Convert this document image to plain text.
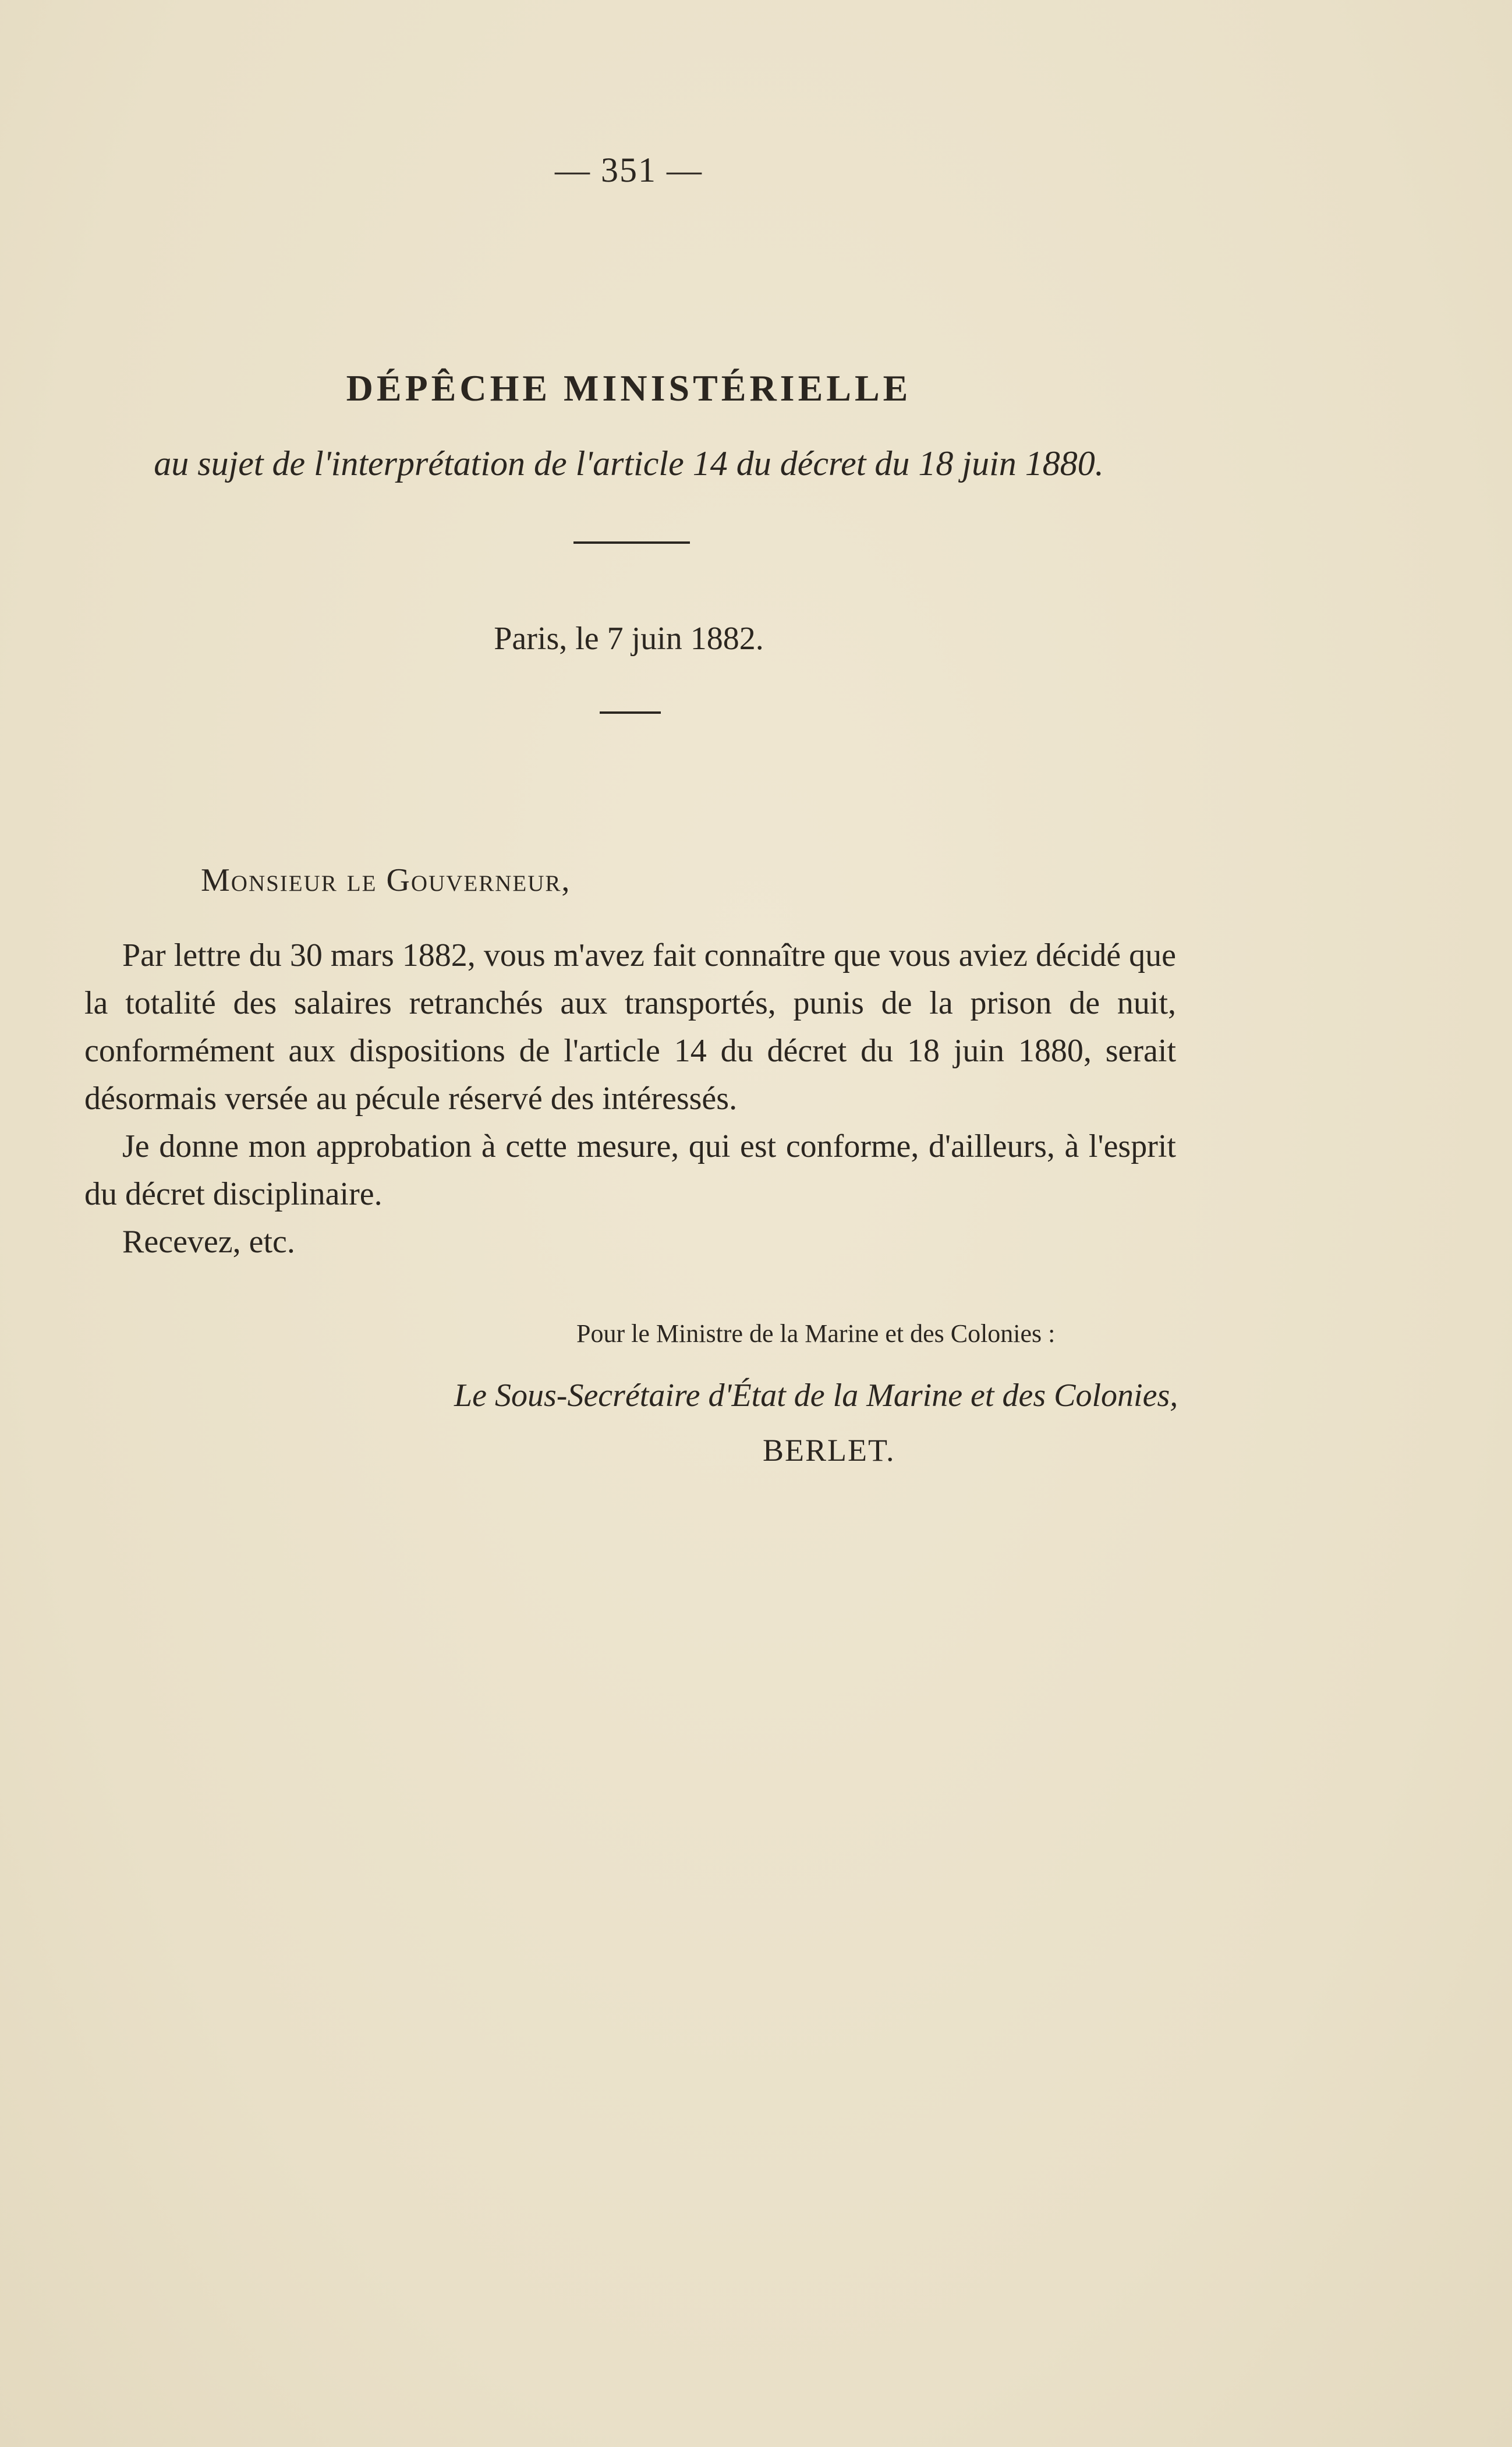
— 351 —
DÉPÊCHE MINISTÉRIELLE
au sujet de l'interprétation de l'article 14 du décret du 18 juin 1880.
Paris, le 7 juin 1882.
Monsieur le Gouverneur,

Par lettre du 30 mars 1882, vous m'avez fait connaître que vous aviez décidé que la totalité des salaires retranchés aux transportés, punis de la prison de nuit, conformément aux dispositions de l'article 14 du décret du 18 juin 1880, serait désormais versée au pécule réservé des intéressés.

Je donne mon approbation à cette mesure, qui est conforme, d'ailleurs, à l'esprit du décret disciplinaire.

Recevez, etc.

Pour le Ministre de la Marine et des Colonies :
Le Sous-Secrétaire d'État de la Marine et des Colonies,
BERLET.
